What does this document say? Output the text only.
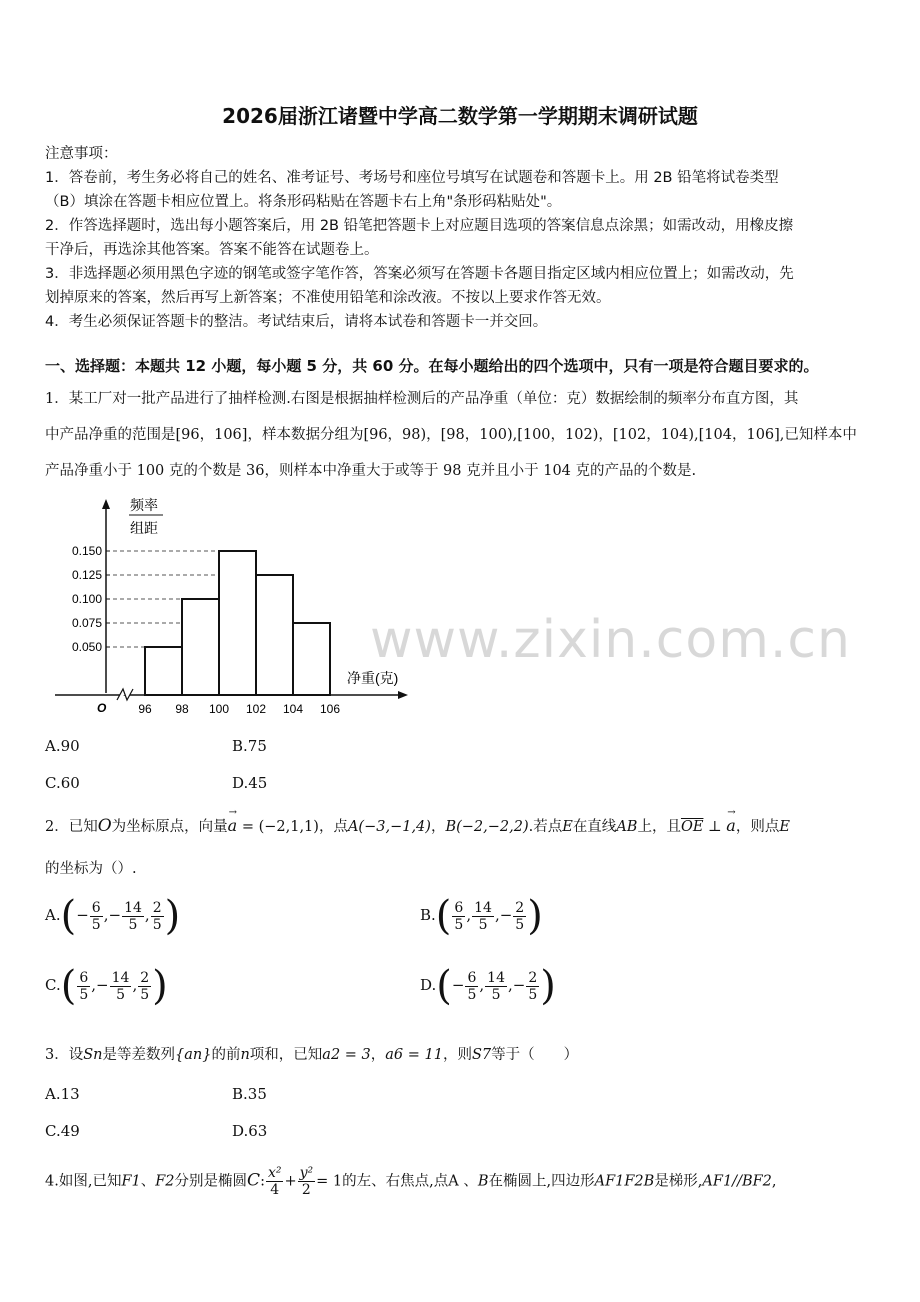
2026届浙江诸暨中学高二数学第一学期期末调研试题
注意事项：
1．答卷前，考生务必将自己的姓名、准考证号、考场号和座位号填写在试题卷和答题卡上。用 2B 铅笔将试卷类型
（B）填涂在答题卡相应位置上。将条形码粘贴在答题卡右上角"条形码粘贴处"。
2．作答选择题时，选出每小题答案后，用 2B 铅笔把答题卡上对应题目选项的答案信息点涂黑；如需改动，用橡皮擦
干净后，再选涂其他答案。答案不能答在试题卷上。
3．非选择题必须用黑色字迹的钢笔或签字笔作答，答案必须写在答题卡各题目指定区域内相应位置上；如需改动，先
划掉原来的答案，然后再写上新答案；不准使用铅笔和涂改液。不按以上要求作答无效。
4．考生必须保证答题卡的整洁。考试结束后，请将本试卷和答题卡一并交回。
一、选择题：本题共 12 小题，每小题 5 分，共 60 分。在每小题给出的四个选项中，只有一项是符合题目要求的。
1．某工厂对一批产品进行了抽样检测.右图是根据抽样检测后的产品净重（单位：克）数据绘制的频率分布直方图，其
中产品净重的范围是[96，106]，样本数据分组为[96，98)，[98，100),[100，102)，[102，104),[104，106],已知样本中
产品净重小于 100 克的个数是 36，则样本中净重大于或等于 98 克并且小于 104 克的产品的个数是.
频率
组距
净重(克)
O
0.150
0.125
0.100
0.075
0.050
96 98 100 102 104 106
www.zixin.com.cn
A.90	B.75
C.60	D.45
2．已知O为坐标原点，向量
→
a = (−2,1,1)，点A(−3,−1,4)，B(−2,−2,2).若点E在直线AB上，且$\overline{OE}$ ⊥
→
a，则点E
的坐标为（）.
$A.(- \frac{6}{5}$ ,− $\frac{14}{5}$ , $\frac{2}{5}$ )	$B.( \frac{6}{5}$ , $\frac{14}{5}$ ,− $\frac{2}{5}$ )
$C.( \frac{6}{5}$ ,− $\frac{14}{5}$ , $\frac{2}{5}$ )	$D.(- \frac{6}{5}$ , $\frac{14}{5}$ ,− $\frac{2}{5}$ )
3．设Sn是等差数列{an}的前n项和，已知a2 = 3，a6 = 11，则S7等于（　　）
A.13	B.35
C.49	D.63
4.如图,已知F1、F2分别是椭圆C: $\frac{\text{x²}}{4} + \frac{\text{y²}}{2} = 1$的左、右焦点,点A 、B在椭圆上,四边形AF1F2B是梯形,AF1//BF2,
